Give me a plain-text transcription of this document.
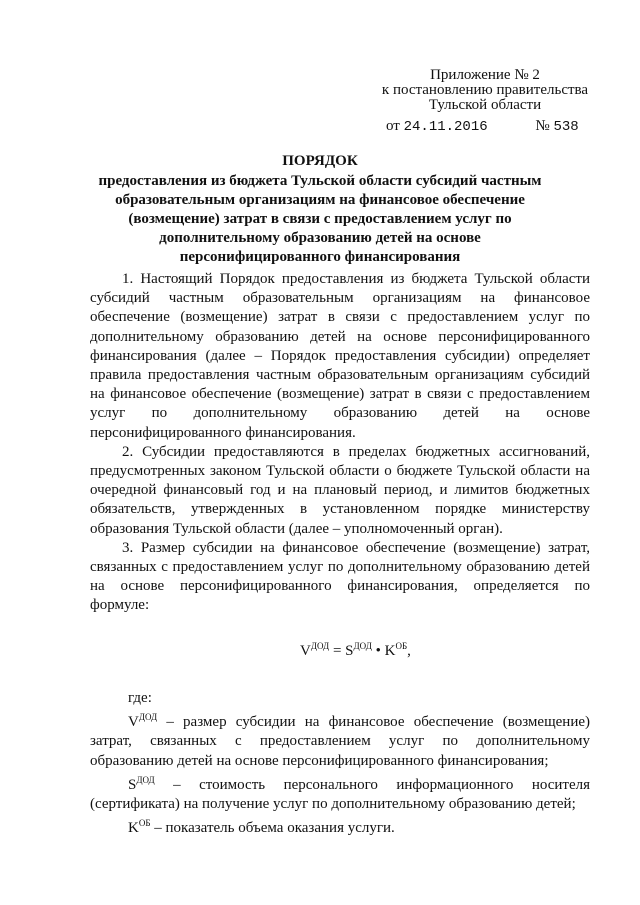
Приложение № 2
к постановлению правительства
Тульской области
от 24.11.2016	№ 538
ПОРЯДОК
предоставления из бюджета Тульской области субсидий частным образовательным организациям на финансовое обеспечение (возмещение) затрат в связи с предоставлением услуг по дополнительному образованию детей на основе персонифицированного финансирования

1. Настоящий Порядок предоставления из бюджета Тульской области субсидий частным образовательным организациям на финансовое обеспечение (возмещение) затрат в связи с предоставлением услуг по дополнительному образованию детей на основе персонифицированного финансирования (далее – Порядок предоставления субсидии) определяет правила предоставления частным образовательным организациям субсидий на финансовое обеспечение (возмещение) затрат в связи с предоставлением услуг по дополнительному образованию детей на основе персонифицированного финансирования.

2. Субсидии предоставляются в пределах бюджетных ассигнований, предусмотренных законом Тульской области о бюджете Тульской области на очередной финансовый год и на плановый период, и лимитов бюджетных обязательств, утвержденных в установленном порядке министерству образования Тульской области (далее – уполномоченный орган).

3. Размер субсидии на финансовое обеспечение (возмещение) затрат, связанных с предоставлением услуг по дополнительному образованию детей на основе персонифицированного финансирования, определяется по формуле:

$V^{ДОД} = S^{ДОД}$ • $K^{ОБ}$,

где:

$V^{ДОД}$ – размер субсидии на финансовое обеспечение (возмещение) затрат, связанных с предоставлением услуг по дополнительному образованию детей на основе персонифицированного финансирования;

$S^{ДОД}$ – стоимость персонального информационного носителя (сертификата) на получение услуг по дополнительному образованию детей;

$K^{ОБ}$ – показатель объема оказания услуги.
